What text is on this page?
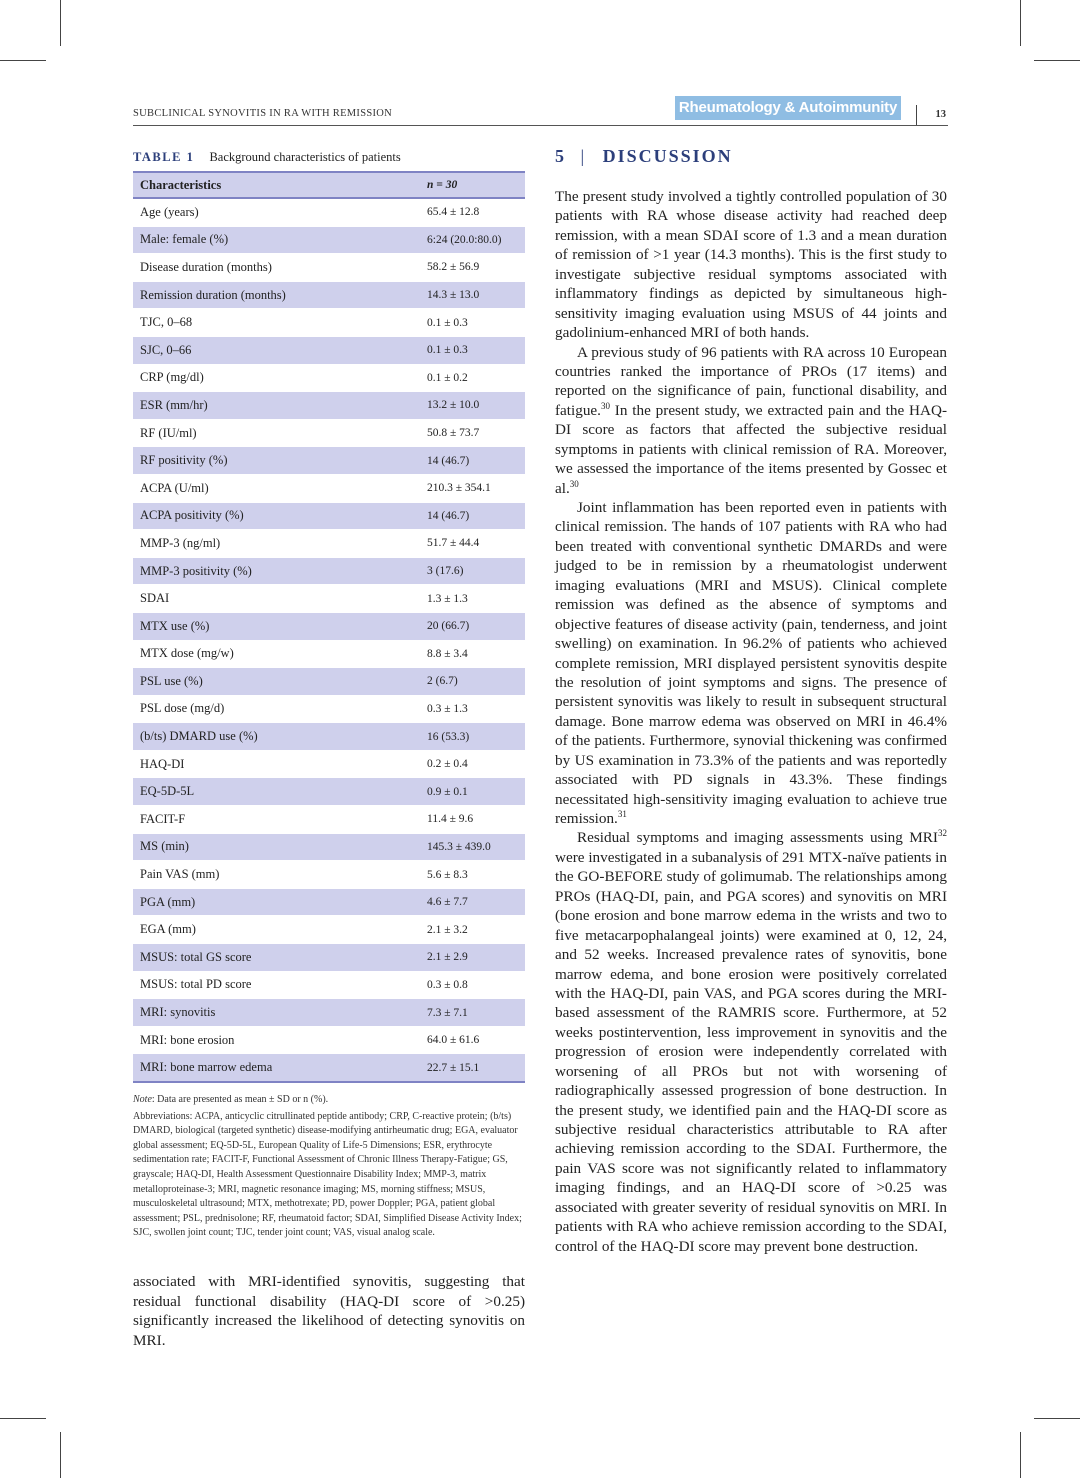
SUBCLINICAL SYNOVITIS IN RA WITH REMISSION	Rheumatology & Autoimmunity	13
TABLE 1 Background characteristics of patients
Characteristics	n = 30
Age (years)	65.4 ± 12.8
Male: female (%)	6:24 (20.0:80.0)
Disease duration (months)	58.2 ± 56.9
Remission duration (months)	14.3 ± 13.0
TJC, 0–68	0.1 ± 0.3
SJC, 0–66	0.1 ± 0.3
CRP (mg/dl)	0.1 ± 0.2
ESR (mm/hr)	13.2 ± 10.0
RF (IU/ml)	50.8 ± 73.7
RF positivity (%)	14 (46.7)
ACPA (U/ml)	210.3 ± 354.1
ACPA positivity (%)	14 (46.7)
MMP-3 (ng/ml)	51.7 ± 44.4
MMP-3 positivity (%)	3 (17.6)
SDAI	1.3 ± 1.3
MTX use (%)	20 (66.7)
MTX dose (mg/w)	8.8 ± 3.4
PSL use (%)	2 (6.7)
PSL dose (mg/d)	0.3 ± 1.3
(b/ts) DMARD use (%)	16 (53.3)
HAQ-DI	0.2 ± 0.4
EQ-5D-5L	0.9 ± 0.1
FACIT-F	11.4 ± 9.6
MS (min)	145.3 ± 439.0
Pain VAS (mm)	5.6 ± 8.3
PGA (mm)	4.6 ± 7.7
EGA (mm)	2.1 ± 3.2
MSUS: total GS score	2.1 ± 2.9
MSUS: total PD score	0.3 ± 0.8
MRI: synovitis	7.3 ± 7.1
MRI: bone erosion	64.0 ± 61.6
MRI: bone marrow edema	22.7 ± 15.1

Note: Data are presented as mean ± SD or n (%).

Abbreviations: ACPA, anticyclic citrullinated peptide antibody; CRP, C-reactive protein; (b/ts) DMARD, biological (targeted synthetic) disease-modifying antirheumatic drug; EGA, evaluator global assessment; EQ-5D-5L, European Quality of Life-5 Dimensions; ESR, erythrocyte sedimentation rate; FACIT-F, Functional Assessment of Chronic Illness Therapy-Fatigue; GS, grayscale; HAQ-DI, Health Assessment Questionnaire Disability Index; MMP-3, matrix metalloproteinase-3; MRI, magnetic resonance imaging; MS, morning stiffness; MSUS, musculoskeletal ultrasound; MTX, methotrexate; PD, power Doppler; PGA, patient global assessment; PSL, prednisolone; RF, rheumatoid factor; SDAI, Simplified Disease Activity Index; SJC, swollen joint count; TJC, tender joint count; VAS, visual analog scale.

associated with MRI-identified synovitis, suggesting that residual functional disability (HAQ-DI score of >0.25) significantly increased the likelihood of detecting synovitis on MRI.

5 | DISCUSSION

The present study involved a tightly controlled population of 30 patients with RA whose disease activity had reached deep remission, with a mean SDAI score of 1.3 and a mean duration of remission of >1 year (14.3 months). This is the first study to investigate subjective residual symptoms associated with inflammatory findings as depicted by simultaneous high-sensitivity imaging evaluation using MSUS of 44 joints and gadolinium-enhanced MRI of both hands.

A previous study of 96 patients with RA across 10 European countries ranked the importance of PROs (17 items) and reported on the significance of pain, functional disability, and fatigue.$^{30}$ In the present study, we extracted pain and the HAQ-DI score as factors that affected the subjective residual symptoms in patients with clinical remission of RA. Moreover, we assessed the importance of the items presented by Gossec et al.$^{30}$

Joint inflammation has been reported even in patients with clinical remission. The hands of 107 patients with RA who had been treated with conventional synthetic DMARDs and were judged to be in remission by a rheumatologist underwent imaging evaluations (MRI and MSUS). Clinical complete remission was defined as the absence of symptoms and objective features of disease activity (pain, tenderness, and joint swelling) on examination. In 96.2% of patients who achieved complete remission, MRI displayed persistent synovitis despite the resolution of joint symptoms and signs. The presence of persistent synovitis was likely to result in subsequent structural damage. Bone marrow edema was observed on MRI in 46.4% of the patients. Furthermore, synovial thickening was confirmed by US examination in 73.3% of the patients and was reportedly associated with PD signals in 43.3%. These findings necessitated high-sensitivity imaging evaluation to achieve true remission.$^{31}$

Residual symptoms and imaging assessments using MRI$^{32}$ were investigated in a subanalysis of 291 MTX-naïve patients in the GO-BEFORE study of golimumab. The relationships among PROs (HAQ-DI, pain, and PGA scores) and synovitis on MRI (bone erosion and bone marrow edema in the wrists and two to five metacarpophalangeal joints) were examined at 0, 12, 24, and 52 weeks. Increased prevalence rates of synovitis, bone marrow edema, and bone erosion were positively correlated with the HAQ-DI, pain VAS, and PGA scores during the MRI-based assessment of the RAMRIS score. Furthermore, at 52 weeks postintervention, less improvement in synovitis and the progression of erosion were independently correlated with worsening of all PROs but not with worsening of radiographically assessed progression of bone destruction. In the present study, we identified pain and the HAQ-DI score as subjective residual characteristics attributable to RA after achieving remission according to the SDAI. Furthermore, the pain VAS score was not significantly related to inflammatory imaging findings, and an HAQ-DI score of >0.25 was associated with greater severity of residual synovitis on MRI. In patients with RA who achieve remission according to the SDAI, control of the HAQ-DI score may prevent bone destruction.
